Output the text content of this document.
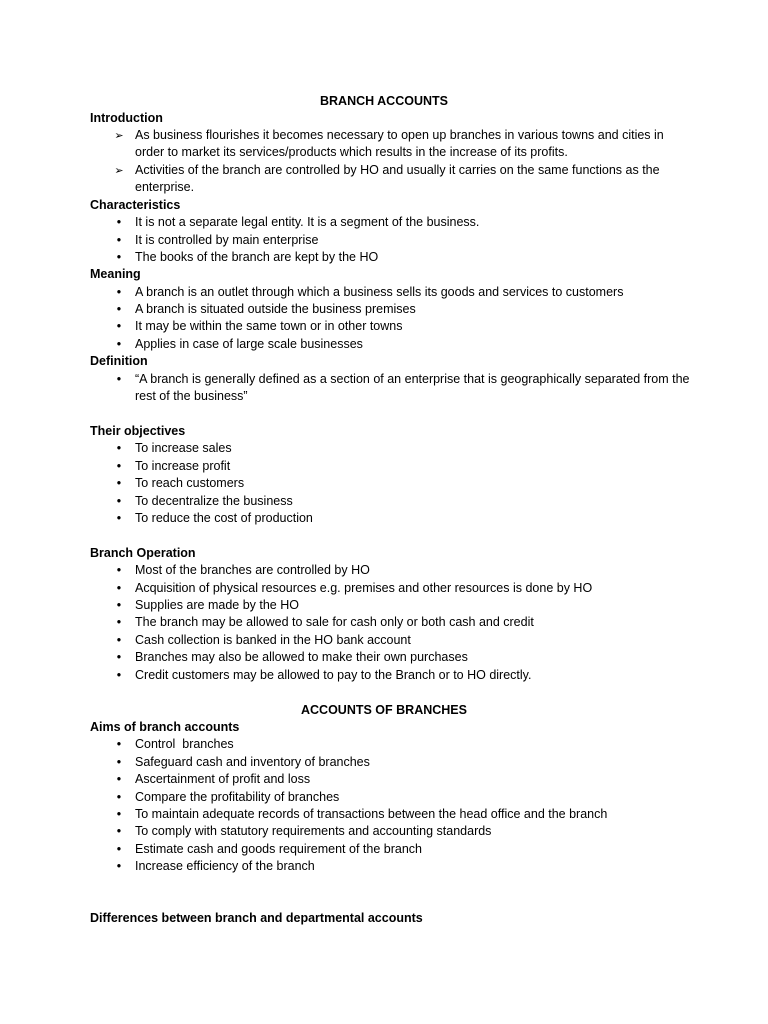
BRANCH ACCOUNTS
Introduction
➢
As business flourishes it becomes necessary to open up branches in various towns and cities in order to market its services/products which results in the increase of its profits.
➢
Activities of the branch are controlled by HO and usually it carries on the same functions as the enterprise.
Characteristics
•
It is not a separate legal entity. It is a segment of the business.
•
It is controlled by main enterprise
•
The books of the branch are kept by the HO
Meaning
•
A branch is an outlet through which a business sells its goods and services to customers
•
A branch is situated outside the business premises
•
It may be within the same town or in other towns
•
Applies in case of large scale businesses
Definition
•
“A branch is generally defined as a section of an enterprise that is geographically separated from the rest of the business”
Their objectives
•
To increase sales
•
To increase profit
•
To reach customers
•
To decentralize the business
•
To reduce the cost of production
Branch Operation
•
Most of the branches are controlled by HO
•
Acquisition of physical resources e.g. premises and other resources is done by HO
•
Supplies are made by the HO
•
The branch may be allowed to sale for cash only or both cash and credit
•
Cash collection is banked in the HO bank account
•
Branches may also be allowed to make their own purchases
•
Credit customers may be allowed to pay to the Branch or to HO directly.
ACCOUNTS OF BRANCHES
Aims of branch accounts
•
Control  branches
•
Safeguard cash and inventory of branches
•
Ascertainment of profit and loss
•
Compare the profitability of branches
•
To maintain adequate records of transactions between the head office and the branch
•
To comply with statutory requirements and accounting standards
•
Estimate cash and goods requirement of the branch
•
Increase efficiency of the branch
Differences between branch and departmental accounts
